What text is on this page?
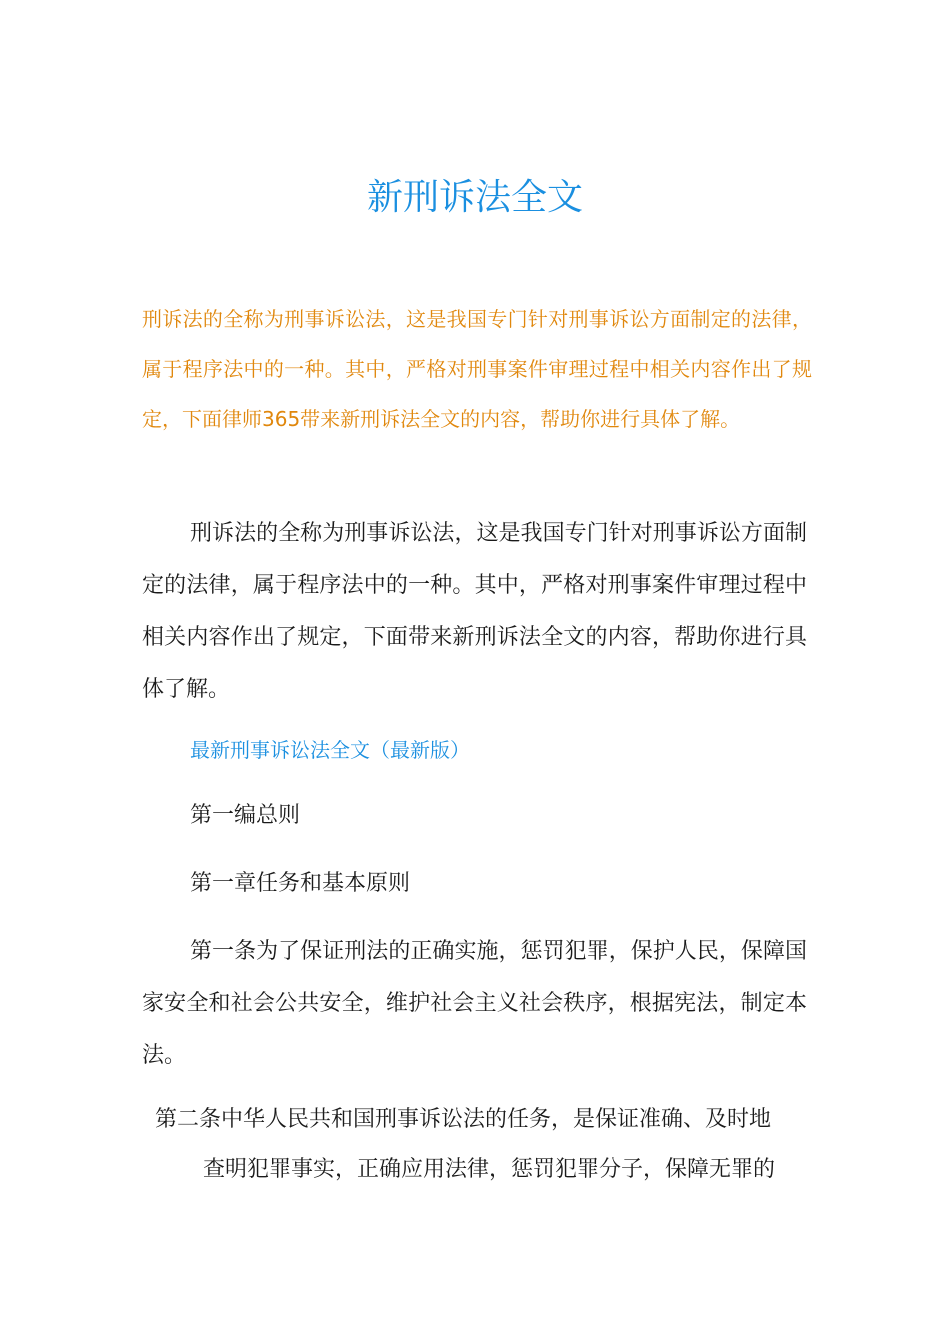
新刑诉法全文

刑诉法的全称为刑事诉讼法，这是我国专门针对刑事诉讼方面制定的法律，属于程序法中的一种。其中，严格对刑事案件审理过程中相关内容作出了规定，下面律师365带来新刑诉法全文的内容，帮助你进行具体了解。

刑诉法的全称为刑事诉讼法，这是我国专门针对刑事诉讼方面制定的法律，属于程序法中的一种。其中，严格对刑事案件审理过程中相关内容作出了规定，下面带来新刑诉法全文的内容，帮助你进行具体了解。

最新刑事诉讼法全文（最新版）

第一编总则

第一章任务和基本原则

第一条为了保证刑法的正确实施，惩罚犯罪，保护人民，保障国家安全和社会公共安全，维护社会主义社会秩序，根据宪法，制定本法。

第二条中华人民共和国刑事诉讼法的任务，是保证准确、及时地

查明犯罪事实，正确应用法律，惩罚犯罪分子，保障无罪的
